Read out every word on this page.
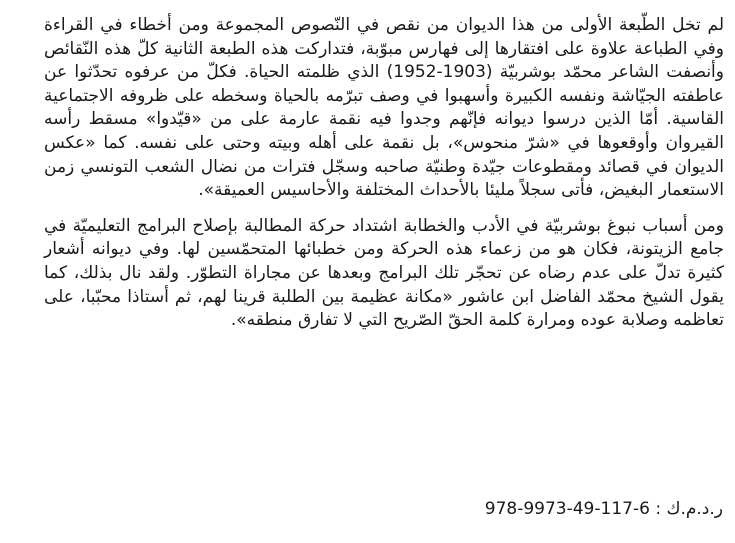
لم تخل الطّبعة الأولى من هذا الديوان من نقص في النّصوص المجموعة ومن أخطاء في القراءة وفي الطباعة علاوة على افتقارها إلى فهارس مبوّبة، فتداركت هذه الطبعة الثانية كلّ هذه النّقائص وأنصفت الشاعر محمّد بوشربيّة (1903-1952) الذي ظلمته الحياة. فكلّ من عرفوه تحدّثوا عن عاطفته الجيّاشة ونفسه الكبيرة وأسهبوا في وصف تبرّمه بالحياة وسخطه على ظروفه الاجتماعية القاسية. أمّا الذين درسوا ديوانه فإنّهم وجدوا فيه نقمة عارمة على من «قيّدوا» مسقط رأسه القيروان وأوقعوها في «شرّ منحوس»، بل نقمة على أهله وبيته وحتى على نفسه. كما «عكس الديوان في قصائد ومقطوعات جيّدة وطنيّة صاحبه وسجّل فترات من نضال الشعب التونسي زمن الاستعمار البغيض، فأتى سجلاً مليئا بالأحداث المختلفة والأحاسيس العميقة».

ومن أسباب نبوغ بوشربيّة في الأدب والخطابة اشتداد حركة المطالبة بإصلاح البرامج التعليميّة في جامع الزيتونة، فكان هو من زعماء هذه الحركة ومن خطبائها المتحمّسين لها. وفي ديوانه أشعار كثيرة تدلّ على عدم رضاه عن تحجّر تلك البرامج وبعدها عن مجاراة التطوّر. ولقد نال بذلك، كما يقول الشيخ محمّد الفاضل ابن عاشور «مكانة عظيمة بين الطلبة قرينا لهم، ثم أستاذا محبّبا، على تعاظمه وصلابة عوده ومرارة كلمة الحقّ الصّريح التي لا تفارق منطقه».

ر.د.م.ك : 978-9973-49-117-6
